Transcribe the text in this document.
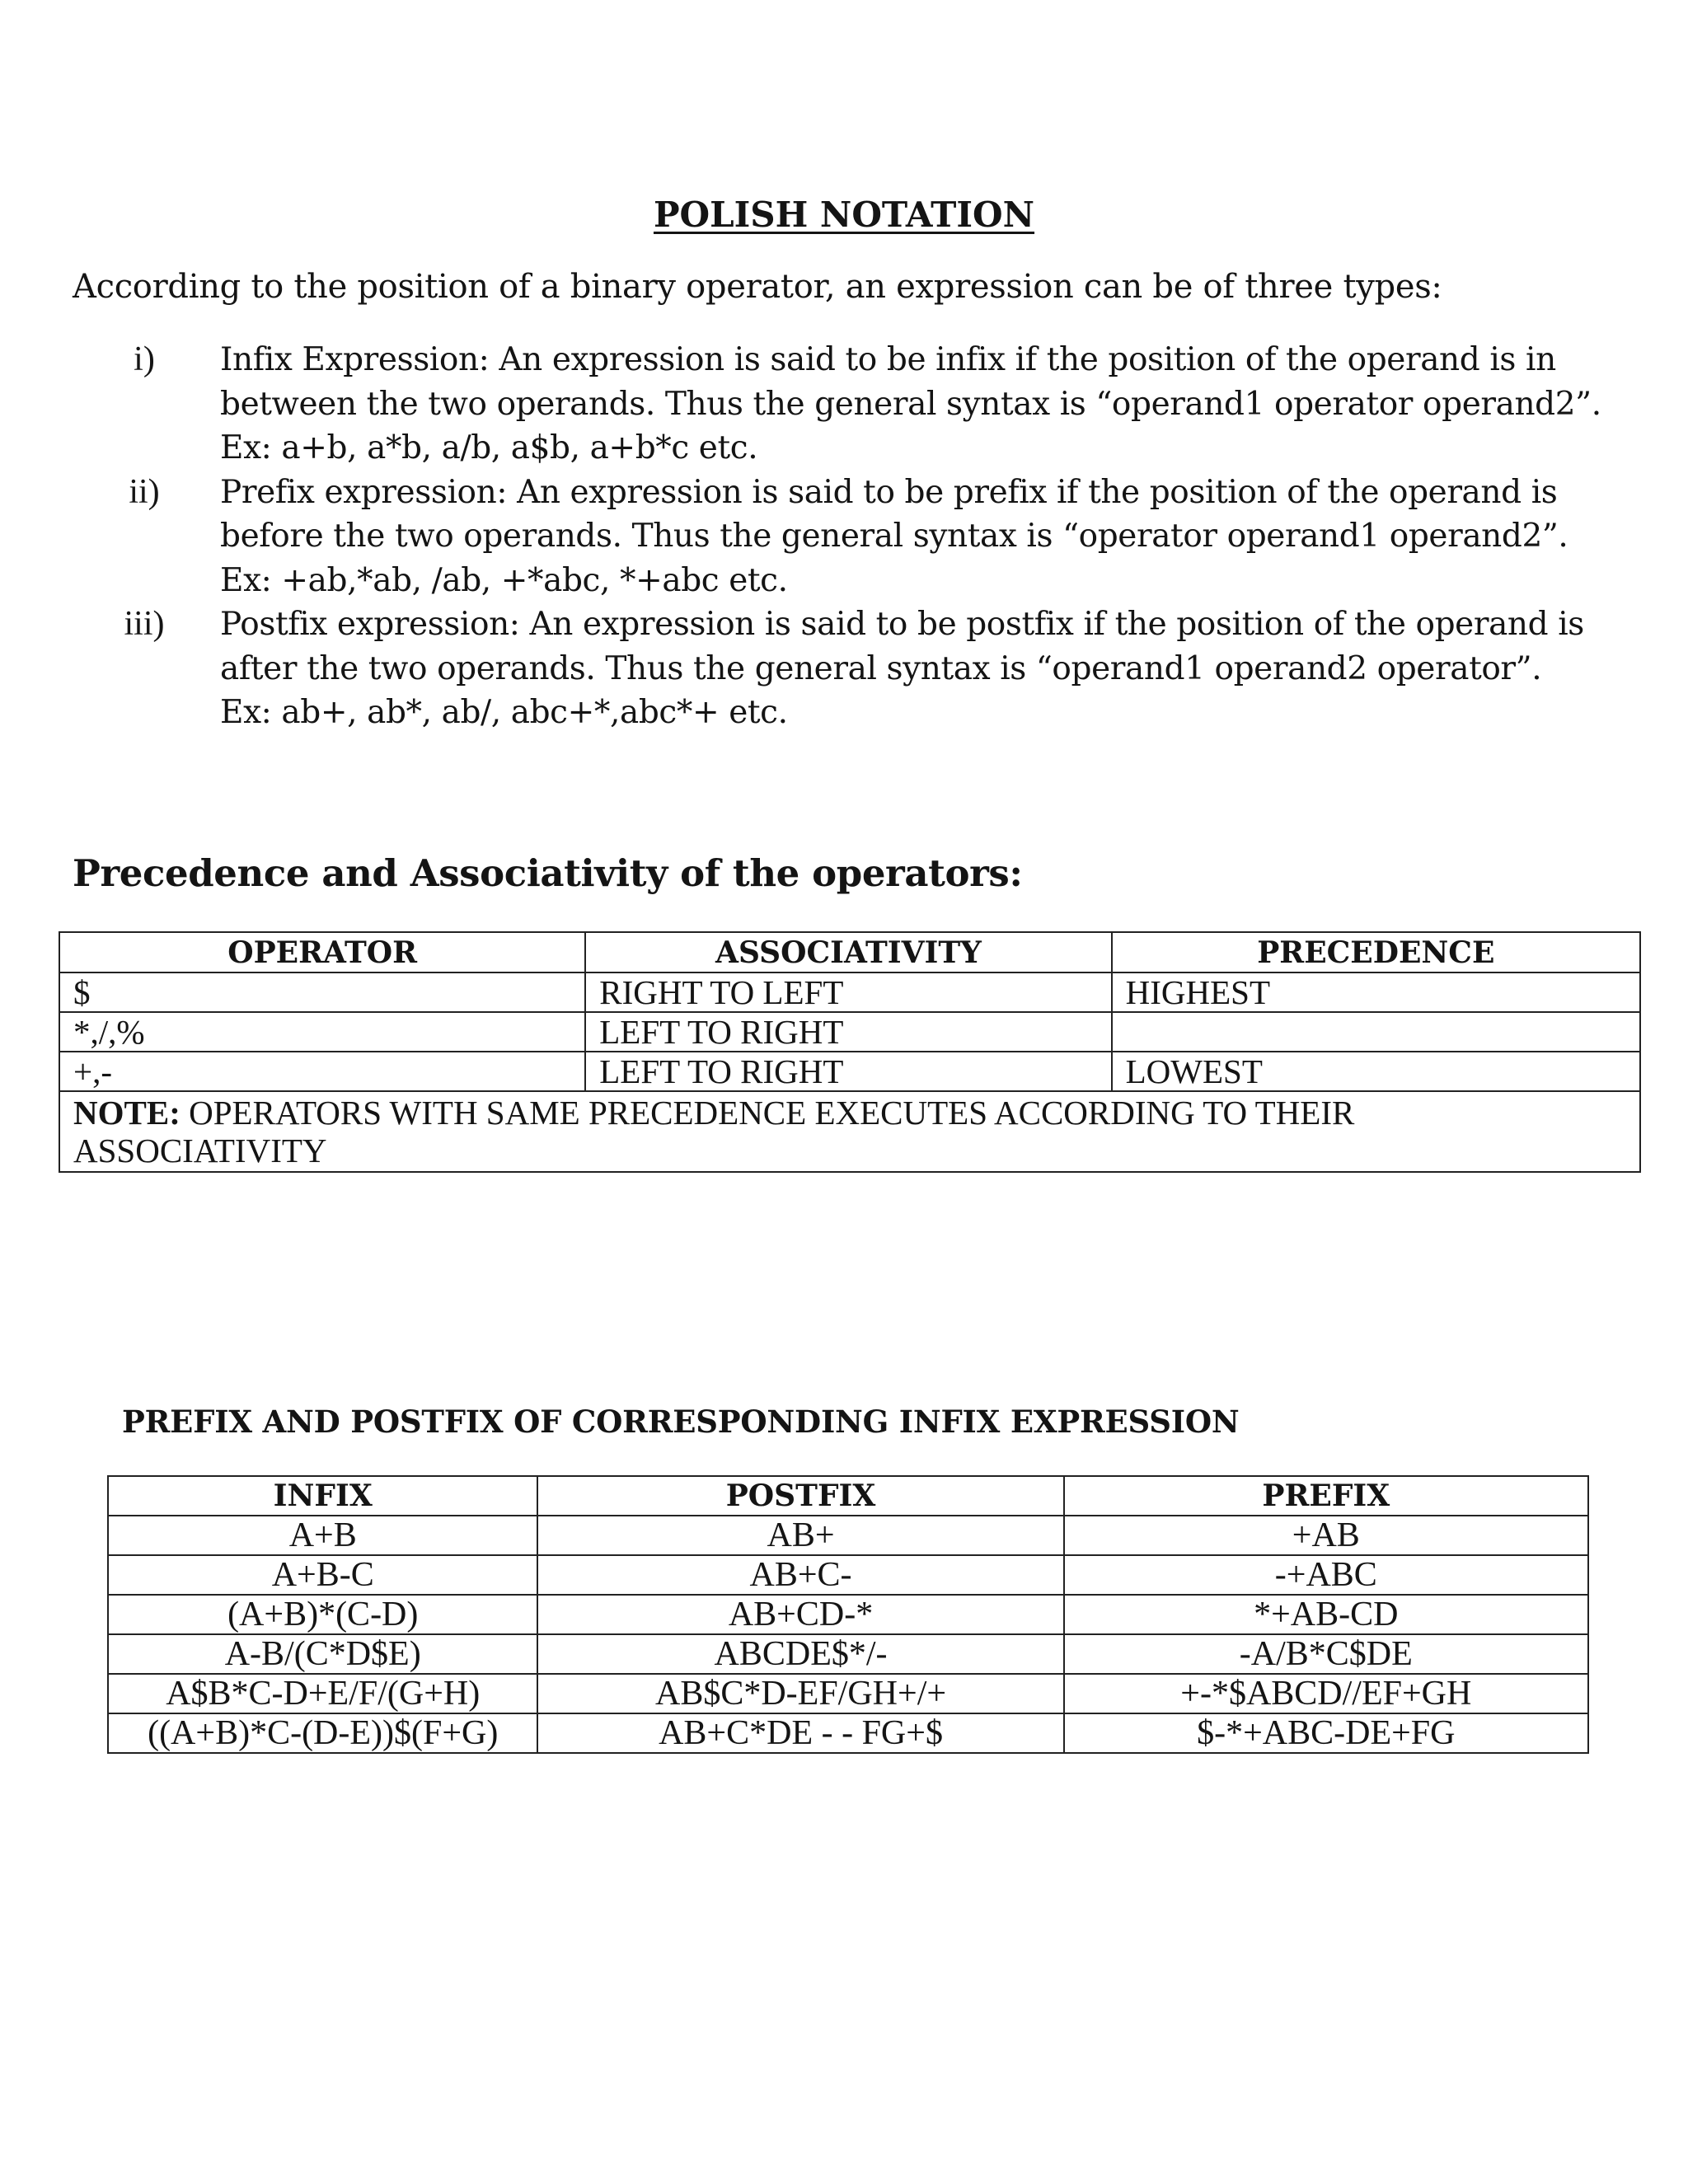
POLISH NOTATION
According to the position of a binary operator, an expression can be of three types:
i)	Infix Expression: An expression is said to be infix if the position of the operand is in
between the two operands. Thus the general syntax is “operand1 operator operand2”.
Ex: a+b, a*b, a/b, a$b, a+b*c etc.
ii) Prefix expression: An expression is said to be prefix if the position of the operand is
before the two operands. Thus the general syntax is “operator operand1 operand2”.
Ex: +ab,*ab, /ab, +*abc, *+abc etc.
iii) Postfix expression: An expression is said to be postfix if the position of the operand is
after the two operands. Thus the general syntax is “operand1 operand2 operator”.
Ex: ab+, ab*, ab/, abc+*,abc*+ etc.
Precedence and Associativity of the operators:
OPERATOR	ASSOCIATIVITY	PRECEDENCE
$	RIGHT TO LEFT	HIGHEST
*,/,%	LEFT TO RIGHT	
+,-	LEFT TO RIGHT	LOWEST
NOTE: OPERATORS WITH SAME PRECEDENCE EXECUTES ACCORDING TO THEIR
ASSOCIATIVITY		
PREFIX AND POSTFIX OF CORRESPONDING INFIX EXPRESSION
INFIX	POSTFIX	PREFIX
A+B	AB+	+AB
A+B-C	AB+C-	-+ABC
(A+B)*(C-D)	AB+CD-*	*+AB-CD
A-B/(C*D$E)	ABCDE$*/-	-A/B*C$DE
A$B*C-D+E/F/(G+H)	AB$C*D-EF/GH+/+	+-*$ABCD//EF+GH
((A+B)*C-(D-E))$(F+G)	AB+C*DE - - FG+$	$-*+ABC-DE+FG
